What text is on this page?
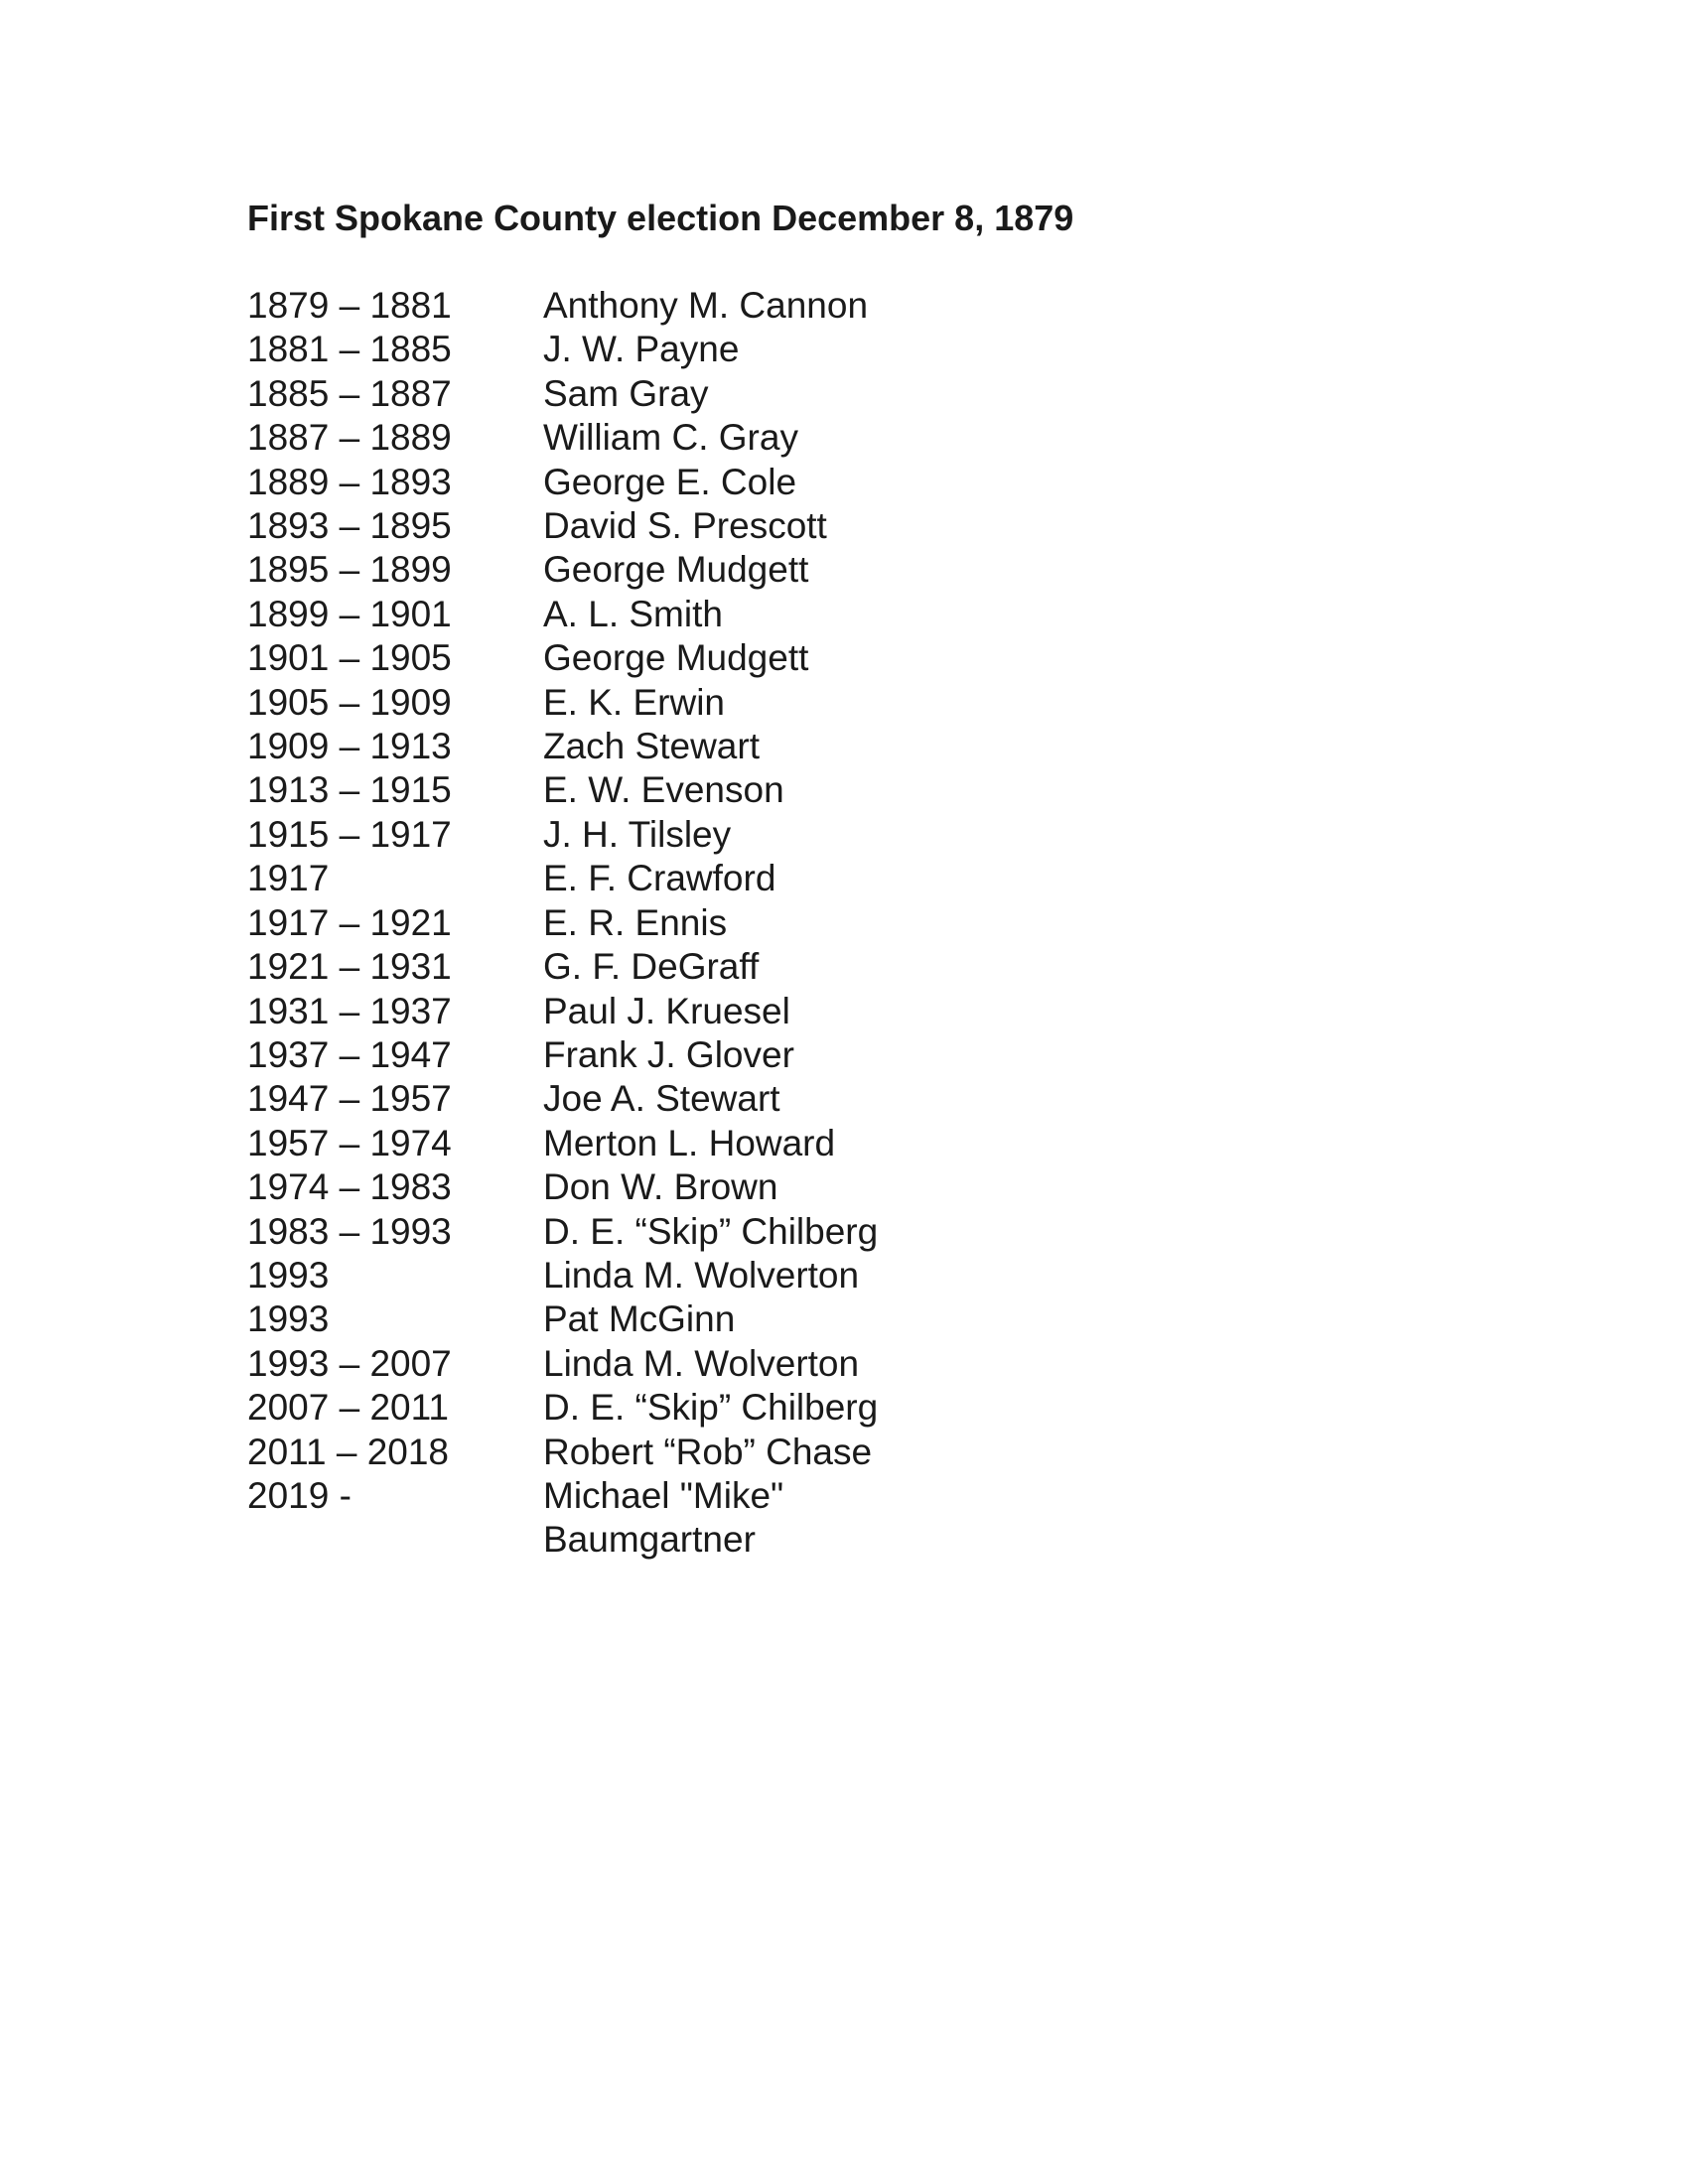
First Spokane County election December 8, 1879
1879 – 1881	Anthony M. Cannon
1881 – 1885	J. W. Payne
1885 – 1887	Sam Gray
1887 – 1889	William C. Gray
1889 – 1893	George E. Cole
1893 – 1895	David S. Prescott
1895 – 1899	George Mudgett
1899 – 1901	A. L. Smith
1901 – 1905	George Mudgett
1905 – 1909	E. K. Erwin
1909 – 1913	Zach Stewart
1913 – 1915	E. W. Evenson
1915 – 1917	J. H. Tilsley
1917	E. F. Crawford
1917 – 1921	E. R. Ennis
1921 – 1931	G. F. DeGraff
1931 – 1937	Paul J. Kruesel
1937 – 1947	Frank J. Glover
1947 – 1957	Joe A. Stewart
1957 – 1974	Merton L. Howard
1974 – 1983	Don W. Brown
1983 – 1993	D. E. “Skip” Chilberg
1993	Linda M. Wolverton
1993	Pat McGinn
1993 – 2007	Linda M. Wolverton
2007 – 2011	D. E. “Skip” Chilberg
2011 – 2018	Robert “Rob” Chase
2019 -	Michael "Mike" Baumgartner
